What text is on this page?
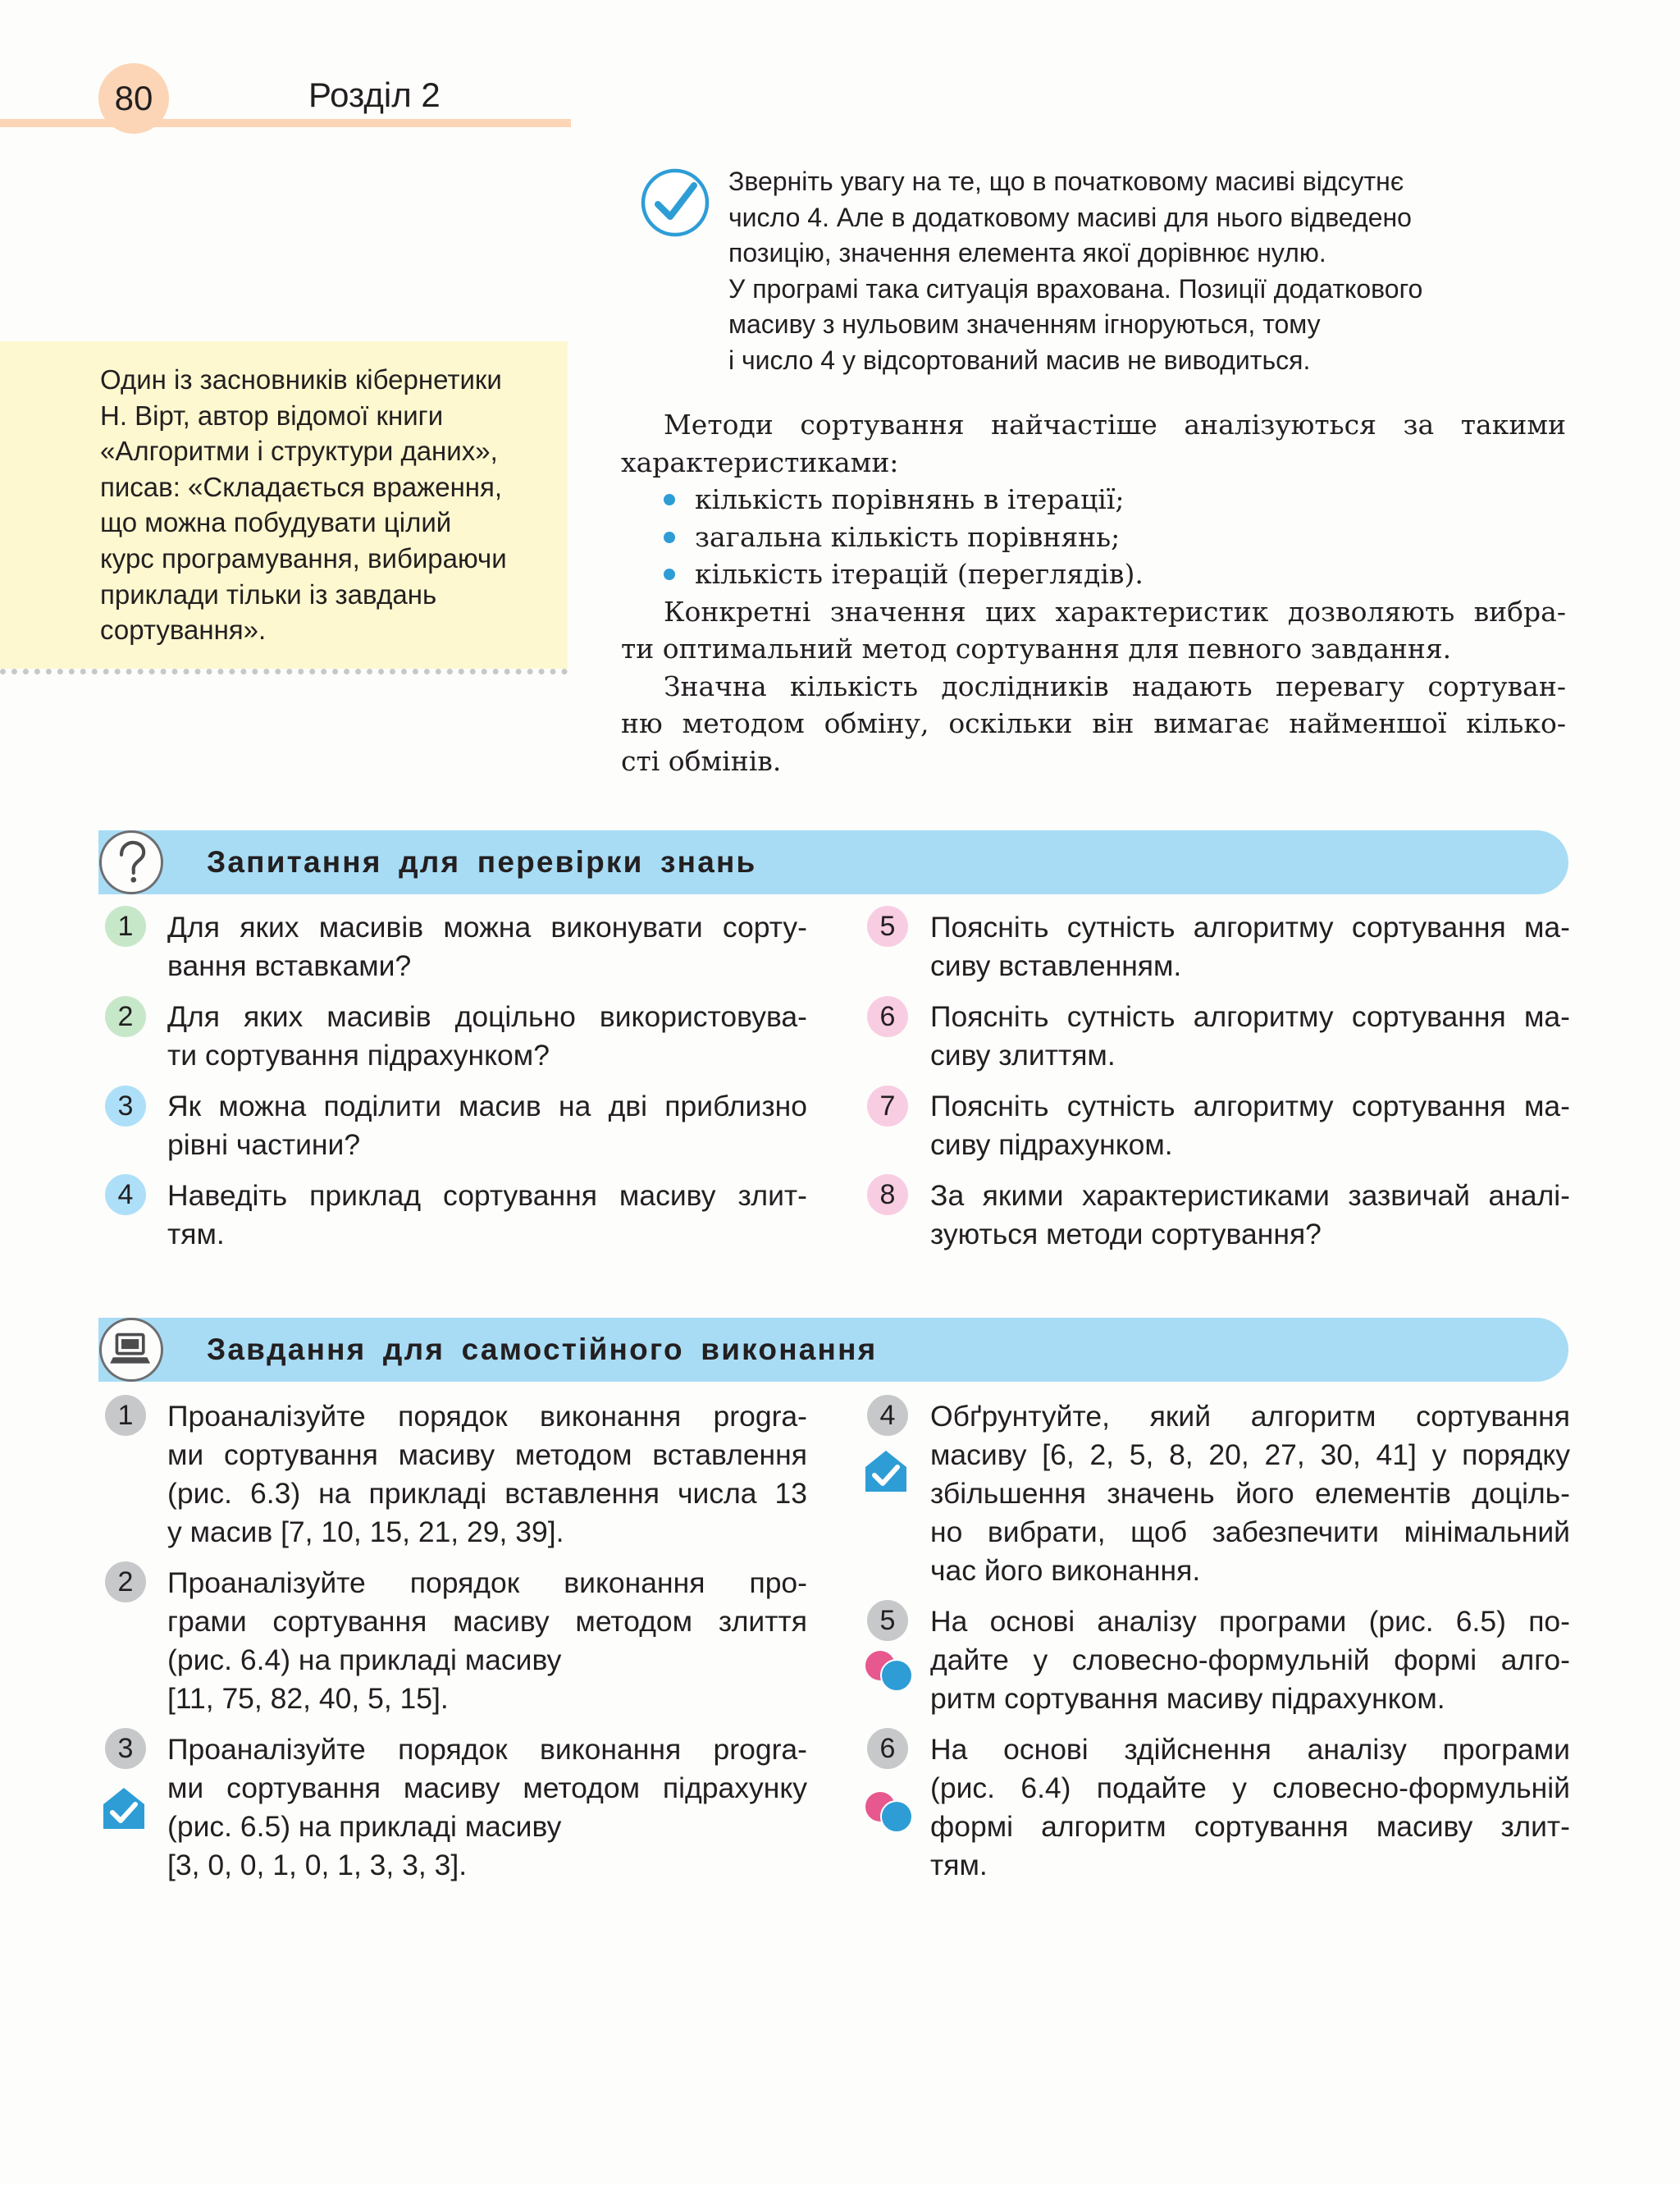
80	Розділ 2
Один із засновників кібернетики
Н. Вірт, автор відомої книги
«Алгоритми і структури даних»,
писав: «Складається враження,
що можна побудувати цілий
курс програмування, вибираючи
приклади тільки із завдань
сортування».
Зверніть увагу на те, що в початковому масиві відсутнє
число 4. Але в додатковому масиві для нього відведено
позицію, значення елемента якої дорівнює нулю.
У програмі така ситуація врахована. Позиції додаткового
масиву з нульовим значенням ігноруються, тому
і число 4 у відсортований масив не виводиться.
Методи сортування найчастіше аналізуються за такими
характеристиками:
кількість порівнянь в ітерації;
загальна кількість порівнянь;
кількість ітерацій (переглядів).
Конкретні значення цих характеристик дозволяють вибра-
ти оптимальний метод сортування для певного завдання.
Значна кількість дослідників надають перевагу сортуван-
ню методом обміну, оскільки він вимагає найменшої кілько-
сті обмінів.
Запитання для перевірки знань
1	Для яких масивів можна виконувати сорту-
вання вставками?
2	Для яких масивів доцільно використовува-
ти сортування підрахунком?
3	Як можна поділити масив на дві приблизно
рівні частини?
4	Наведіть приклад сортування масиву злит-
тям.
5	Поясніть сутність алгоритму сортування ма-
сиву вставленням.
6	Поясніть сутність алгоритму сортування ма-
сиву злиттям.
7	Поясніть сутність алгоритму сортування ма-
сиву підрахунком.
8	За якими характеристиками зазвичай аналі-
зуються методи сортування?
Завдання для самостійного виконання
1	Проаналізуйте порядок виконання progra-
ми сортування масиву методом вставлення
(рис. 6.3) на прикладі вставлення числа 13
у масив [7, 10, 15, 21, 29, 39].
2	Проаналізуйте порядок виконання про-
грами сортування масиву методом злиття
(рис. 6.4) на прикладі масиву
[11, 75, 82, 40, 5, 15].
3	Проаналізуйте порядок виконання progra-
ми сортування масиву методом підрахунку
(рис. 6.5) на прикладі масиву
[3, 0, 0, 1, 0, 1, 3, 3, 3].
4	Обґрунтуйте, який алгоритм сортування
масиву [6, 2, 5, 8, 20, 27, 30, 41] у порядку
збільшення значень його елементів доціль-
но вибрати, щоб забезпечити мінімальний
час його виконання.
5	На основі аналізу програми (рис. 6.5) по-
дайте у словесно-формульній формі алго-
ритм сортування масиву підрахунком.
6	На основі здійснення аналізу програми
(рис. 6.4) подайте у словесно-формульній
формі алгоритм сортування масиву злит-
тям.
